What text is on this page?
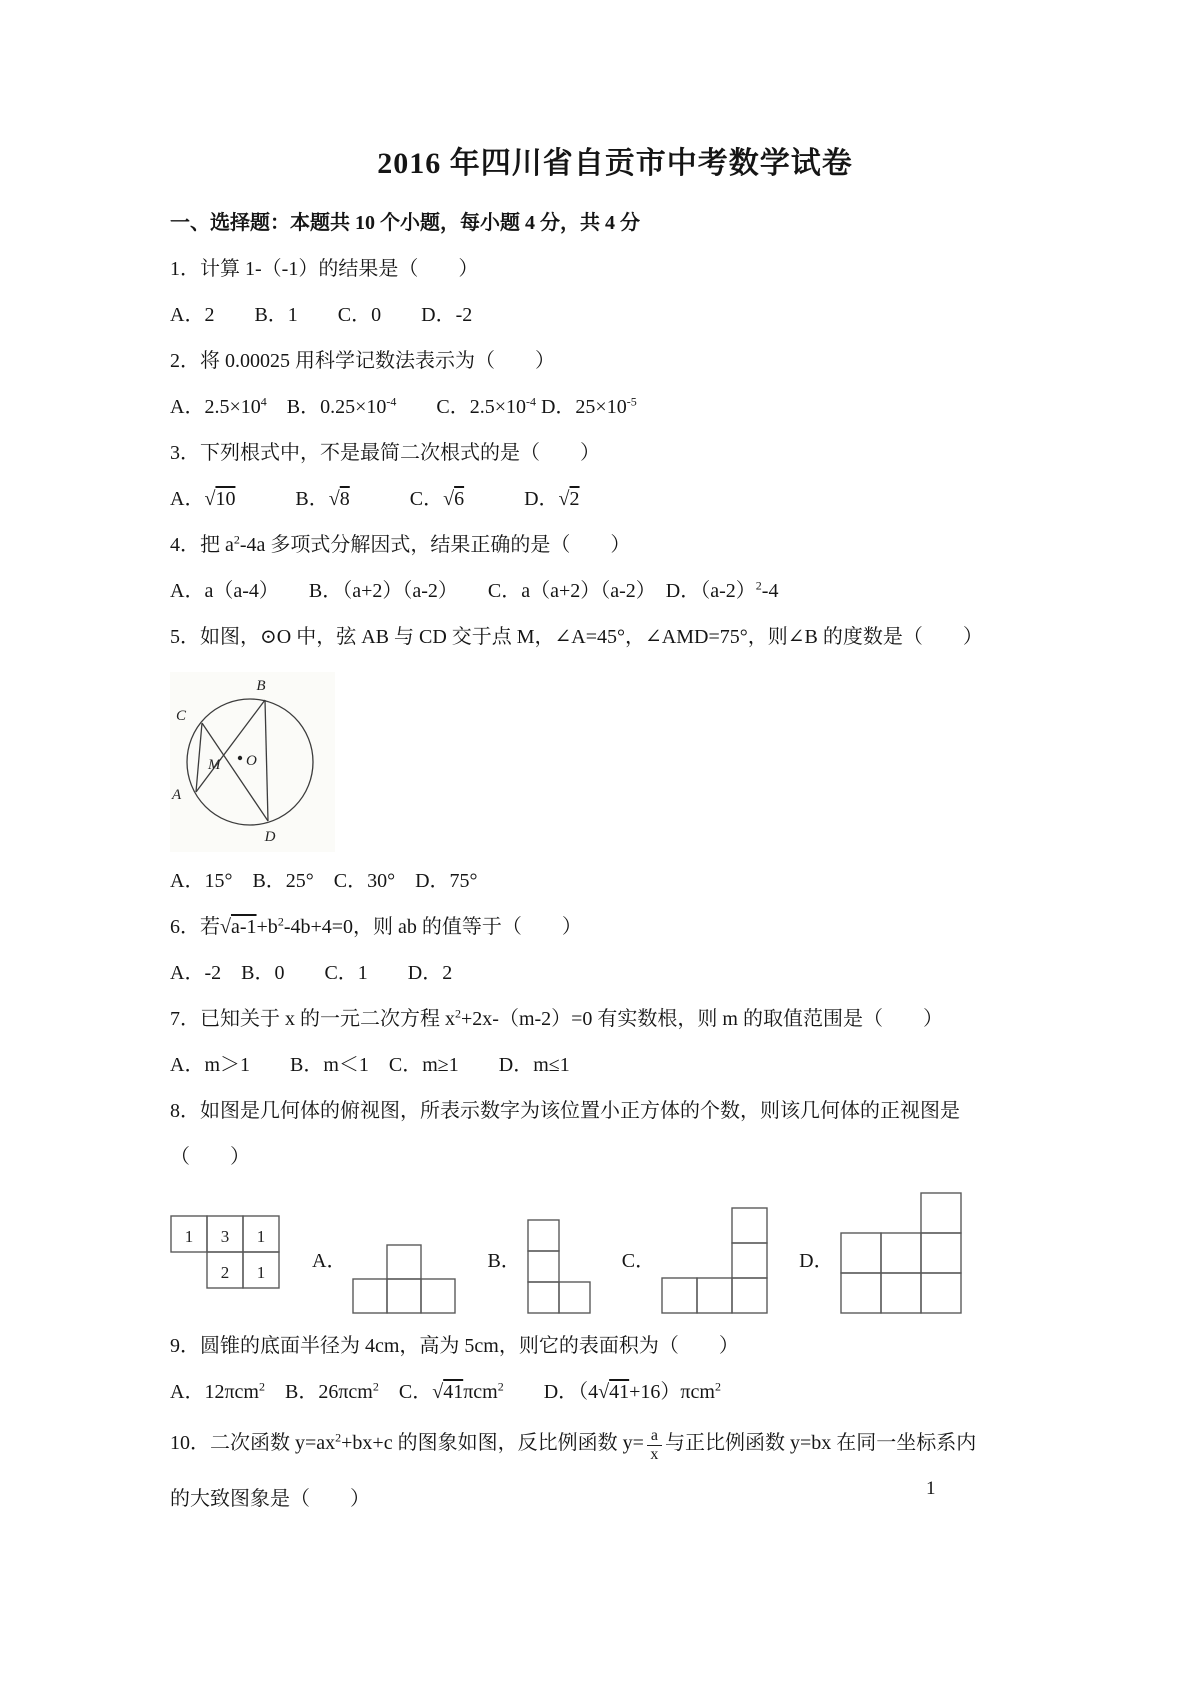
2016 年四川省自贡市中考数学试卷

一、选择题：本题共 10 个小题，每小题 4 分，共 4 分

1．计算 1-（-1）的结果是（　　）

A．2　　B．1　　C．0　　D．-2

2．将 0.00025 用科学记数法表示为（　　）

A．$2.5\times 10^4$　B．$0.25\times 10^{-4}$　　C．$2.5\times 10^{-4}$ D．$25\times 10^{-5}$

3．下列根式中，不是最简二次根式的是（　　）

A．√10　　　B．√8　　　C．√6　　　D．√2

4．把 $a^2-4a$ 多项式分解因式，结果正确的是（　　）

A．a（a-4）　　B．（a+2）（a-2）　　C．a（a+2）（a-2）　D．$(a-2)^2-4$

5．如图，⊙O 中，弦 AB 与 CD 交于点 M，∠A=45°，∠AMD=75°，则∠B 的度数是（　　）

B
C
A
D
M O

A．15°　B．25°　C．30°　D．75°

6．若$√a-1+b^2-4b+4=0$，则 ab 的值等于（　　）

A．-2　B．0　　C．1　　D．2

7．已知关于 x 的一元二次方程 $x^2+2x-(m-2)=0$ 有实数根，则 m 的取值范围是（　　）

A．m＞1　　B．m＜1　C．m≥1　　D．m≤1

8．如图是几何体的俯视图，所表示数字为该位置小正方体的个数，则该几何体的正视图是

（　　）

1 3 1
2 1
A．	B．	C．	D．

9．圆锥的底面半径为 4cm，高为 5cm，则它的表面积为（　　）

A．12πcm$^2$　B．26πcm$^2$　C．√41πcm$^2$　　D．（4√41+16）πcm$^2$

10．二次函数 $y=ax^2+bx+c$ 的图象如图，反比例函数 $y= \frac{a}{x}$ 与正比例函数 y=bx 在同一坐标系内

的大致图象是（　　）	1
